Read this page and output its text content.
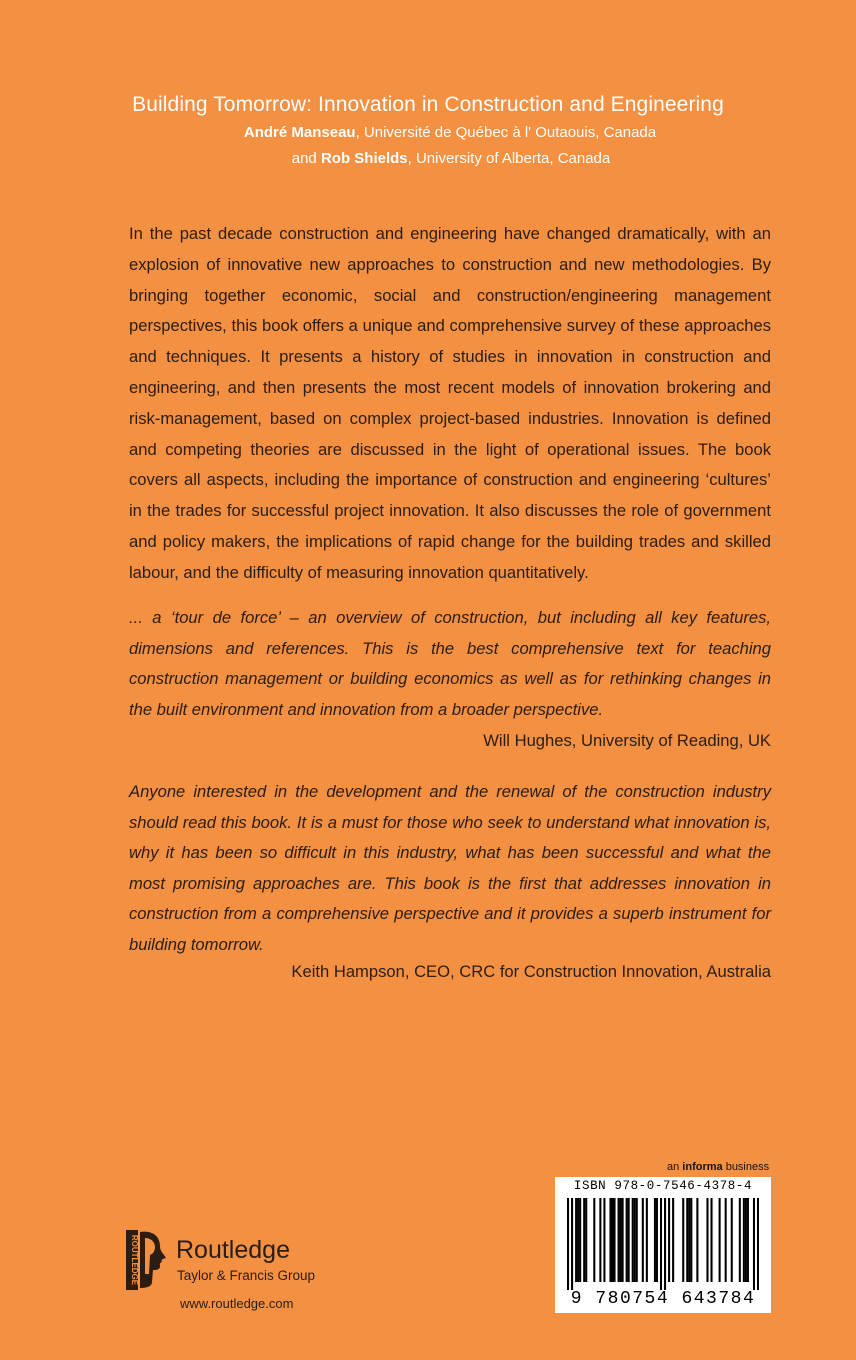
Building Tomorrow: Innovation in Construction and Engineering
André Manseau, Université de Québec à l' Outaouis, Canada
and Rob Shields, University of Alberta, Canada

In the past decade construction and engineering have changed dramatically, with an explosion of innovative new approaches to construction and new methodologies. By bringing together economic, social and construction/engineering management perspectives, this book offers a unique and comprehensive survey of these approaches and techniques. It presents a history of studies in innovation in construction and engineering, and then presents the most recent models of innovation brokering and risk-management, based on complex project-based industries. Innovation is defined and competing theories are discussed in the light of operational issues. The book covers all aspects, including the importance of construction and engineering ‘cultures’ in the trades for successful project innovation. It also discusses the role of government and policy makers, the implications of rapid change for the building trades and skilled labour, and the difficulty of measuring innovation quantitatively.

... a ‘tour de force’ – an overview of construction, but including all key features, dimensions and references. This is the best comprehensive text for teaching construction management or building economics as well as for rethinking changes in the built environment and innovation from a broader perspective.

Will Hughes, University of Reading, UK

Anyone interested in the development and the renewal of the construction industry should read this book. It is a must for those who seek to understand what innovation is, why it has been so difficult in this industry, what has been successful and what the most promising approaches are. This book is the first that addresses innovation in construction from a comprehensive perspective and it provides a superb instrument for building tomorrow.

Keith Hampson, CEO, CRC for Construction Innovation, Australia
an informa business
ISBN 978-0-7546-4378-4
9 780754 643784
ROUTLEDGE Routledge
Taylor & Francis Group
www.routledge.com
